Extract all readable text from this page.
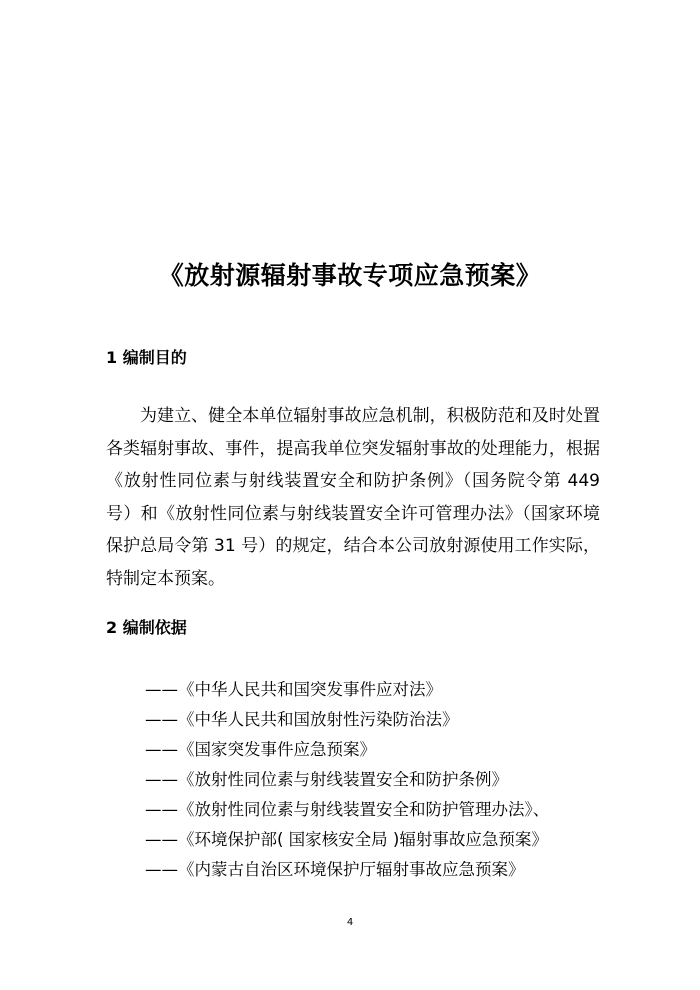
《放射源辐射事故专项应急预案》
1 编制目的
为建立、健全本单位辐射事故应急机制，积极防范和及时处置各类辐射事故、事件，提高我单位突发辐射事故的处理能力，根据《放射性同位素与射线装置安全和防护条例》（国务院令第 449 号）和《放射性同位素与射线装置安全许可管理办法》（国家环境保护总局令第 31 号）的规定，结合本公司放射源使用工作实际，特制定本预案。
2 编制依据
——《中华人民共和国突发事件应对法》
——《中华人民共和国放射性污染防治法》
——《国家突发事件应急预案》
——《放射性同位素与射线装置安全和防护条例》
——《放射性同位素与射线装置安全和防护管理办法》、
——《环境保护部( 国家核安全局 )辐射事故应急预案》
——《内蒙古自治区环境保护厅辐射事故应急预案》
4
